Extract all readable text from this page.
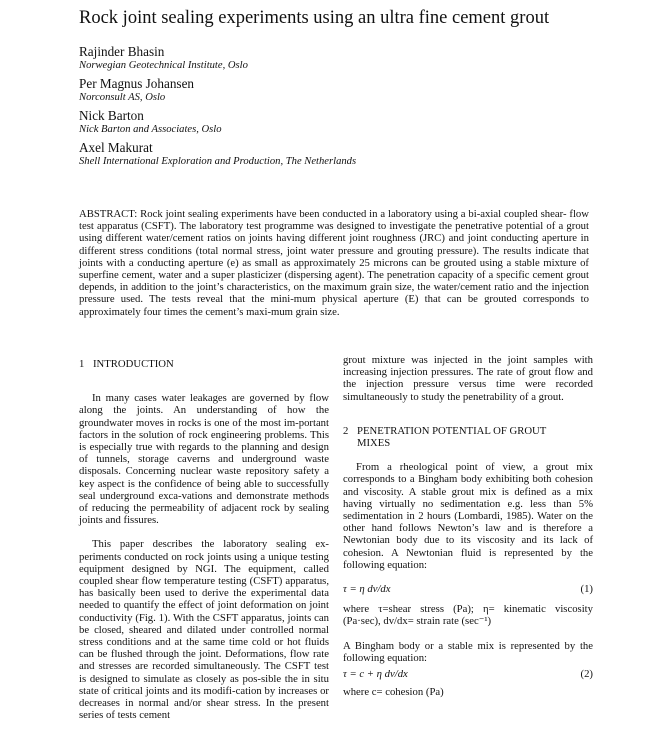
Rock joint sealing experiments using an ultra fine cement grout
Rajinder Bhasin
Norwegian Geotechnical Institute, Oslo
Per Magnus Johansen
Norconsult AS, Oslo
Nick Barton
Nick Barton and Associates, Oslo
Axel Makurat
Shell International Exploration and Production, The Netherlands

ABSTRACT: Rock joint sealing experiments have been conducted in a laboratory using a bi-axial coupled shear- flow test apparatus (CSFT). The laboratory test programme was designed to investigate the penetrative potential of a grout using different water/cement ratios on joints having different joint roughness (JRC) and joint conducting aperture in different stress conditions (total normal stress, joint water pressure and grouting pressure). The results indicate that joints with a conducting aperture (e) as small as approximately 25 microns can be grouted using a stable mixture of superfine cement, water and a super plasticizer (dispersing agent). The penetration capacity of a specific cement grout depends, in addition to the joint’s characteristics, on the maximum grain size, the water/cement ratio and the injection pressure used. The tests reveal that the mini-mum physical aperture (E) that can be grouted corresponds to approximately four times the cement’s maxi-mum grain size.

1 INTRODUCTION

In many cases water leakages are governed by flow along the joints. An understanding of how the groundwater moves in rocks is one of the most im-portant factors in the solution of rock engineering problems. This is especially true with regards to the planning and design of tunnels, storage caverns and underground waste disposals. Concerning nuclear waste repository safety a key aspect is the confidence of being able to successfully seal underground exca-vations and demonstrate methods of reducing the permeability of adjacent rock by sealing joints and fissures.

This paper describes the laboratory sealing ex-periments conducted on rock joints using a unique testing equipment designed by NGI. The equipment, called coupled shear flow temperature testing (CSFT) apparatus, has basically been used to derive the experimental data needed to quantify the effect of joint deformation on joint conductivity (Fig. 1). With the CSFT apparatus, joints can be closed, sheared and dilated under controlled normal stress conditions and at the same time cold or hot fluids can be flushed through the joint. Deformations, flow rate and stresses are recorded simultaneously. The CSFT test is designed to simulate as closely as pos-sible the in situ state of critical joints and its modifi-cation by increases or decreases in normal and/or shear stress. In the present series of tests cement

grout mixture was injected in the joint samples with increasing injection pressures. The rate of grout flow and the injection pressure versus time were recorded simultaneously to study the penetrability of a grout.

2 PENETRATION POTENTIAL OF GROUT MIXES

From a rheological point of view, a grout mix corresponds to a Bingham body exhibiting both cohesion and viscosity. A stable grout mix is defined as a mix having virtually no sedimentation e.g. less than 5% sedimentation in 2 hours (Lombardi, 1985). Water on the other hand follows Newton’s law and is therefore a Newtonian body due to its viscosity and its lack of cohesion. A Newtonian fluid is represented by the following equation:

τ = η dv/dx	(1)

where τ=shear stress (Pa); η= kinematic viscosity (Pa·sec), dv/dx= strain rate (sec⁻¹)

A Bingham body or a stable mix is represented by the following equation:

τ = c + η dv/dx	(2)

where c= cohesion (Pa)
